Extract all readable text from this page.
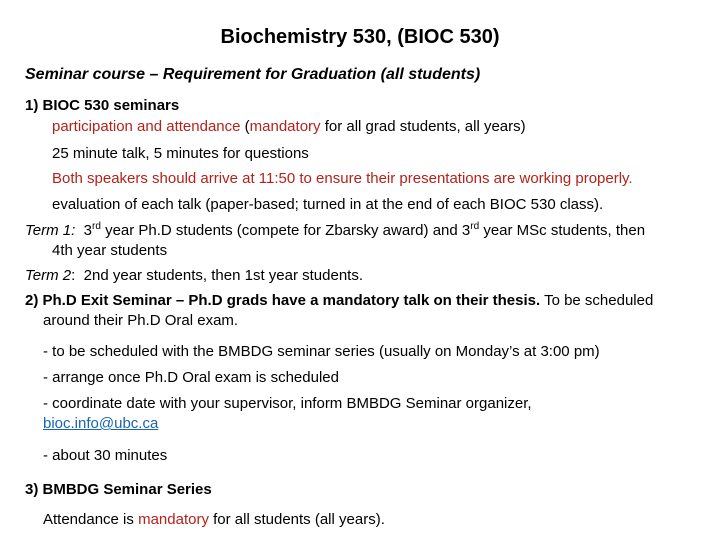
Biochemistry 530, (BIOC 530)
Seminar course – Requirement for Graduation (all students)
1) BIOC 530 seminars
participation and attendance (mandatory for all grad students, all years)
25 minute talk, 5 minutes for questions
Both speakers should arrive at 11:50 to ensure their presentations are working properly.
evaluation of each talk (paper-based; turned in at the end of each BIOC 530 class).
Term 1: 3rd year Ph.D students (compete for Zbarsky award) and 3rd year MSc students, then
4th year students
Term 2: 2nd year students, then 1st year students.
2) Ph.D Exit Seminar – Ph.D grads have a mandatory talk on their thesis. To be scheduled
around their Ph.D Oral exam.
- to be scheduled with the BMBDG seminar series (usually on Monday’s at 3:00 pm)
- arrange once Ph.D Oral exam is scheduled
- coordinate date with your supervisor, inform BMBDG Seminar organizer,
bioc.info@ubc.ca
- about 30 minutes
3) BMBDG Seminar Series
Attendance is mandatory for all students (all years).
